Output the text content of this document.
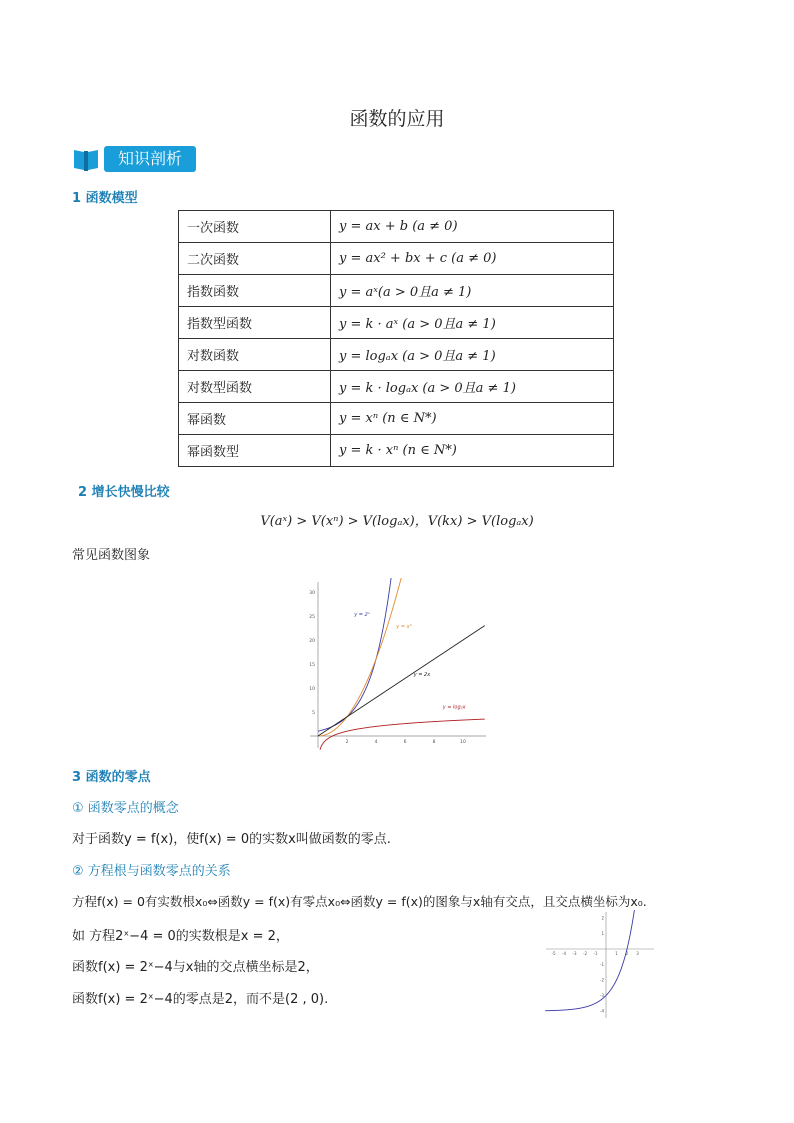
函数的应用
知识剖析
1 函数模型
一次函数	y = ax + b (a ≠ 0)
二次函数	y = ax² + bx + c (a ≠ 0)
指数函数	y = aˣ(a > 0且a ≠ 1)
指数型函数	y = k · aˣ (a > 0且a ≠ 1)
对数函数	y = logₐx (a > 0且a ≠ 1)
对数型函数	y = k · logₐx (a > 0且a ≠ 1)
幂函数	y = xⁿ (n ∈ N*)
幂函数型	y = k · xⁿ (n ∈ N*)
2 增长快慢比较
V(aˣ) > V(xⁿ) > V(logₐx)，V(kx) > V(logₐx)
常见函数图象
30
25
20
15
10
5
2	4	6	8	10
y = 2ˣ
y = x²
y = 2x
y = log₂x
3 函数的零点
① 函数零点的概念
对于函数y = f(x)，使f(x) = 0的实数x叫做函数的零点.
② 方程根与函数零点的关系
方程f(x) = 0有实数根x₀⇔函数y = f(x)有零点x₀⇔函数y = f(x)的图象与x轴有交点，且交点横坐标为x₀.
如 方程2ˣ−4 = 0的实数根是x = 2，
函数f(x) = 2ˣ−4与x轴的交点横坐标是2，
函数f(x) = 2ˣ−4的零点是2，而不是(2 , 0).
-5 -4 -3 -2 -1	1 2 3
2
1
-1
-2
-3
-4
